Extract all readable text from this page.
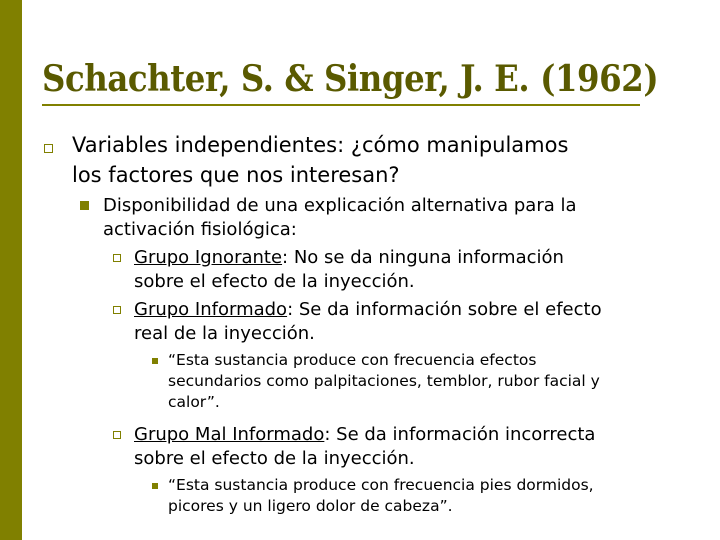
Schachter, S. & Singer, J. E. (1962)
Variables independientes: ¿cómo manipulamos
los factores que nos interesan?
Disponibilidad de una explicación alternativa para la
activación fisiológica:
Grupo Ignorante: No se da ninguna información
sobre el efecto de la inyección.
Grupo Informado: Se da información sobre el efecto
real de la inyección.
“Esta sustancia produce con frecuencia efectos
secundarios como palpitaciones, temblor, rubor facial y
calor”.
Grupo Mal Informado: Se da información incorrecta
sobre el efecto de la inyección.
“Esta sustancia produce con frecuencia pies dormidos,
picores y un ligero dolor de cabeza”.
